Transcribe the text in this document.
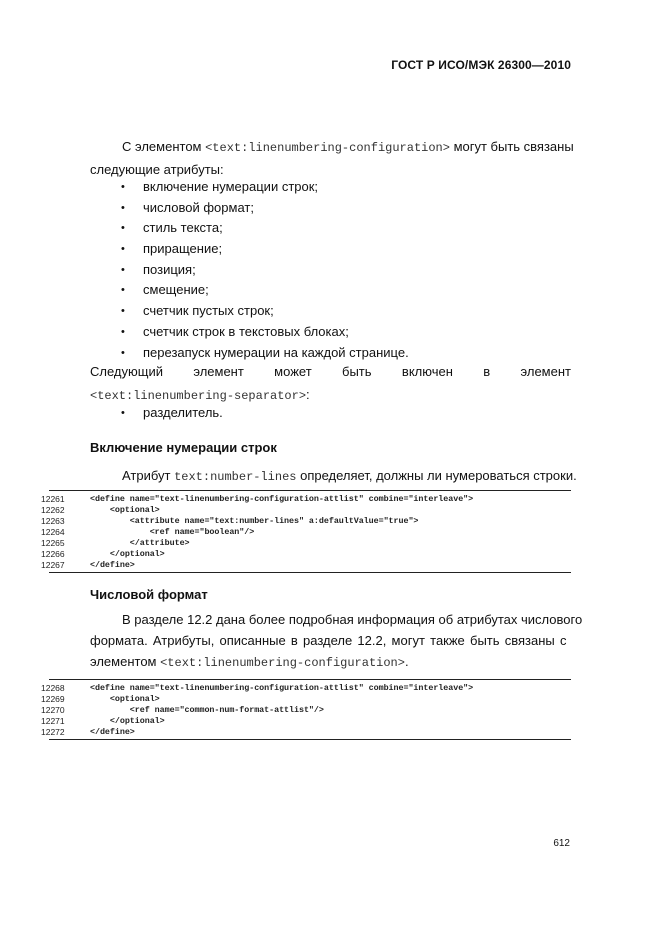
ГОСТ Р ИСО/МЭК 26300—2010
С элементом <text:linenumbering-configuration> могут быть связаны
следующие атрибуты:
• включение нумерации строк;
• числовой формат;
• стиль текста;
• приращение;
• позиция;
• смещение;
• счетчик пустых строк;
• счетчик строк в текстовых блоках;
• перезапуск нумерации на каждой странице.
Следующий элемент может быть включен в элемент
<text:linenumbering-separator>:
• разделитель.
Включение нумерации строк
Атрибут text:number-lines определяет, должны ли нумероваться строки.
12261	<define name="text-linenumbering-configuration-attlist" combine="interleave">
12262	<optional>
12263	<attribute name="text:number-lines" a:defaultValue="true">
12264	<ref name="boolean"/>
12265	</attribute>
12266	</optional>
12267	</define>
Числовой формат
В разделе 12.2 дана более подробная информация об атрибутах числового
формата. Атрибуты, описанные в разделе 12.2, могут также быть связаны с
элементом <text:linenumbering-configuration>.
12268	<define name="text-linenumbering-configuration-attlist" combine="interleave">
12269	<optional>
12270	<ref name="common-num-format-attlist"/>
12271	</optional>
12272	</define>
612
